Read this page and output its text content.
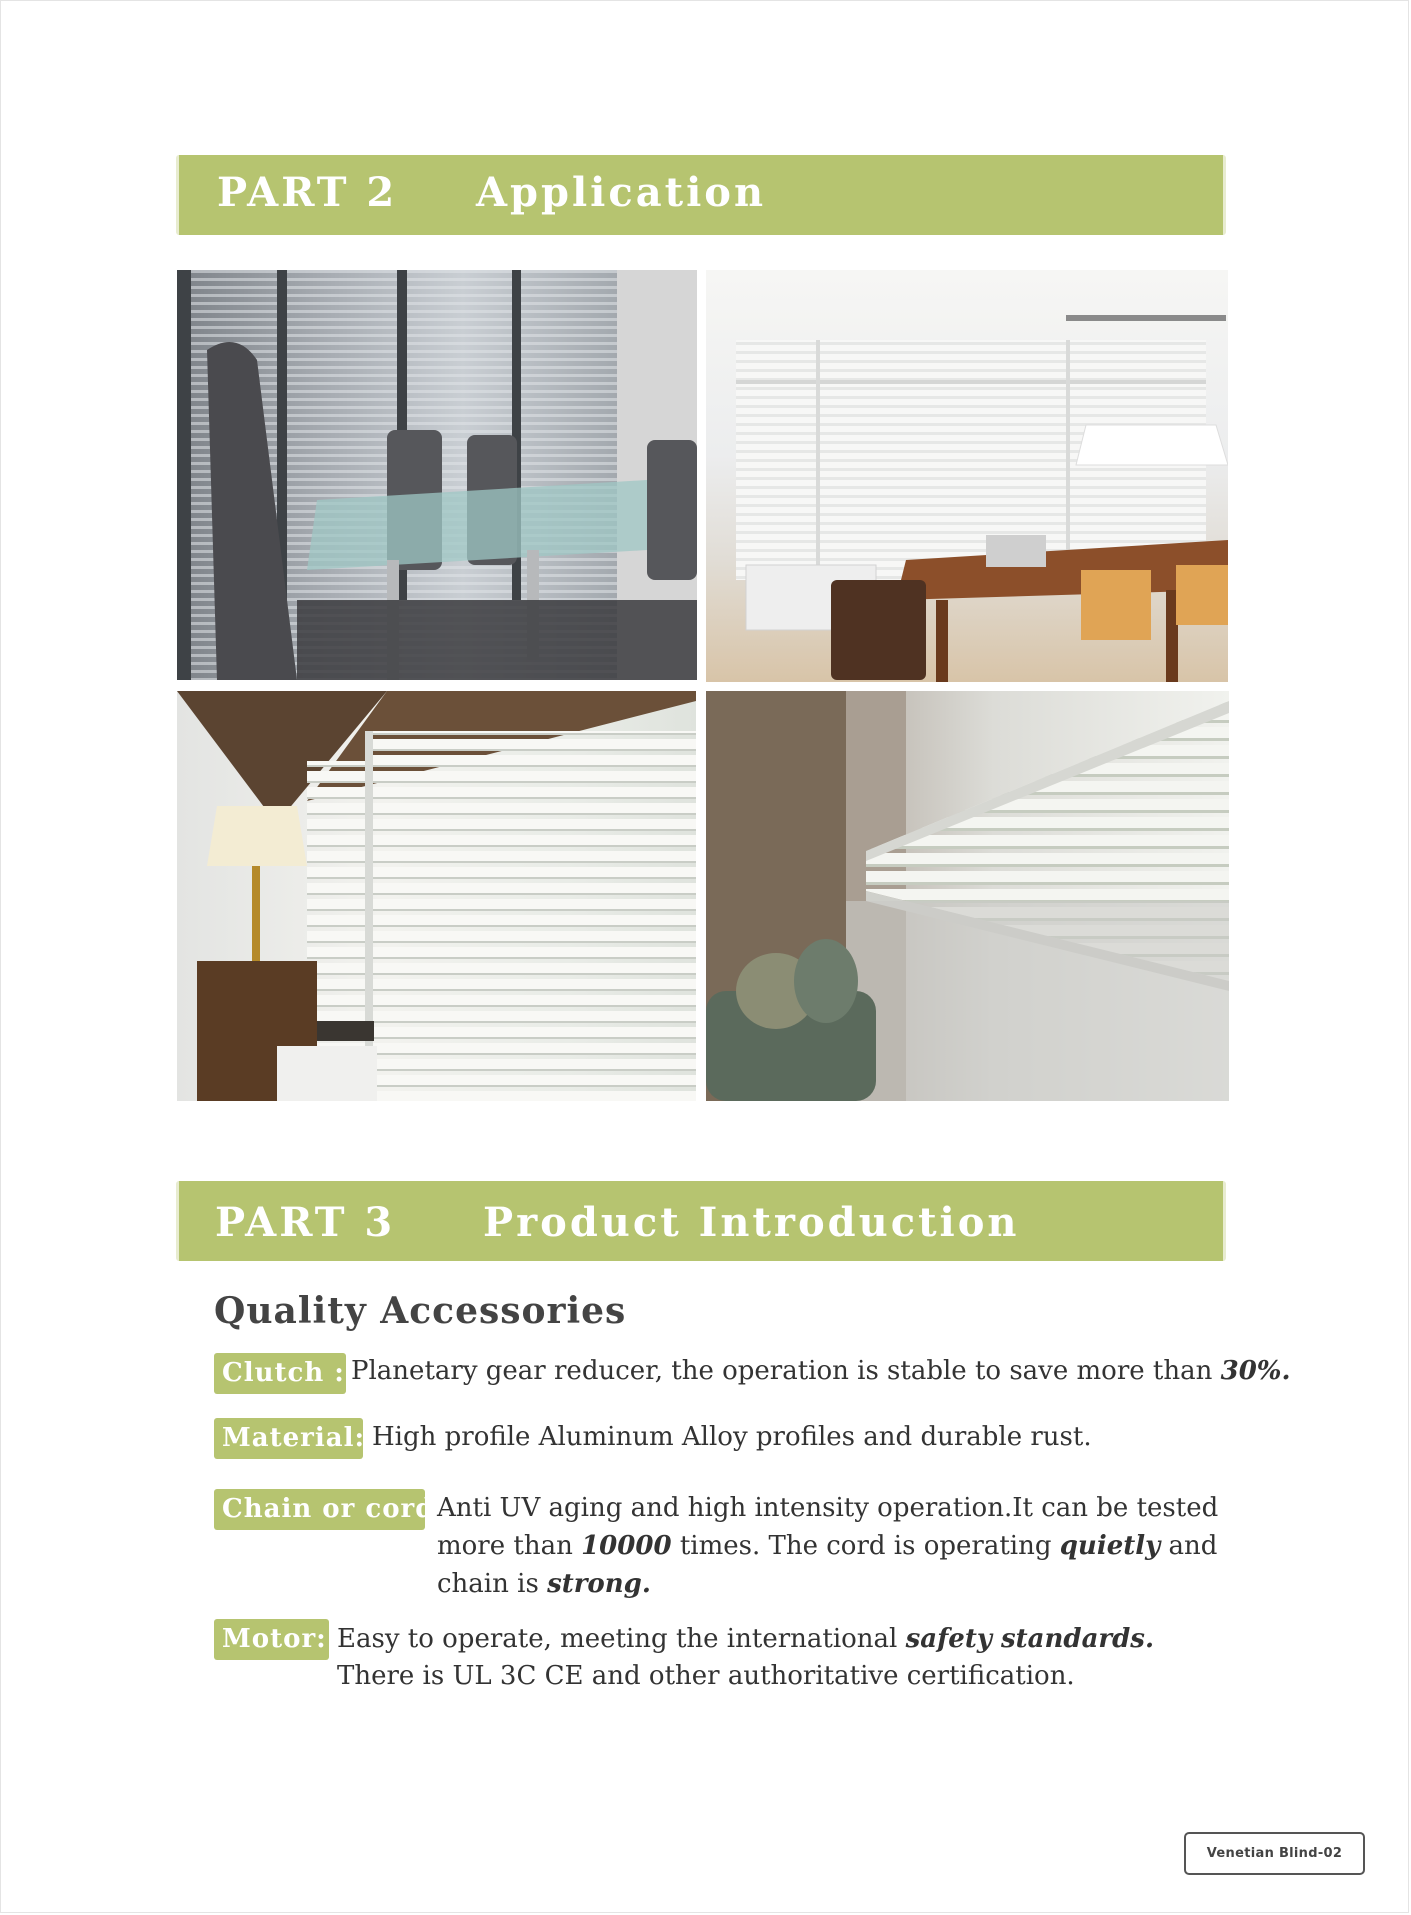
PART 2 Application
PART 3 Product Introduction
Quality Accessories
Clutch : Planetary gear reducer, the operation is stable to save more than 30%.
Material: High profile Aluminum Alloy profiles and durable rust.
Chain or cord:
Anti UV aging and high intensity operation.It can be tested
more than 10000 times. The cord is operating quietly and
chain is strong.
Motor: Easy to operate, meeting the international safety standards.
There is UL 3C CE and other authoritative certification.
Venetian Blind-02
